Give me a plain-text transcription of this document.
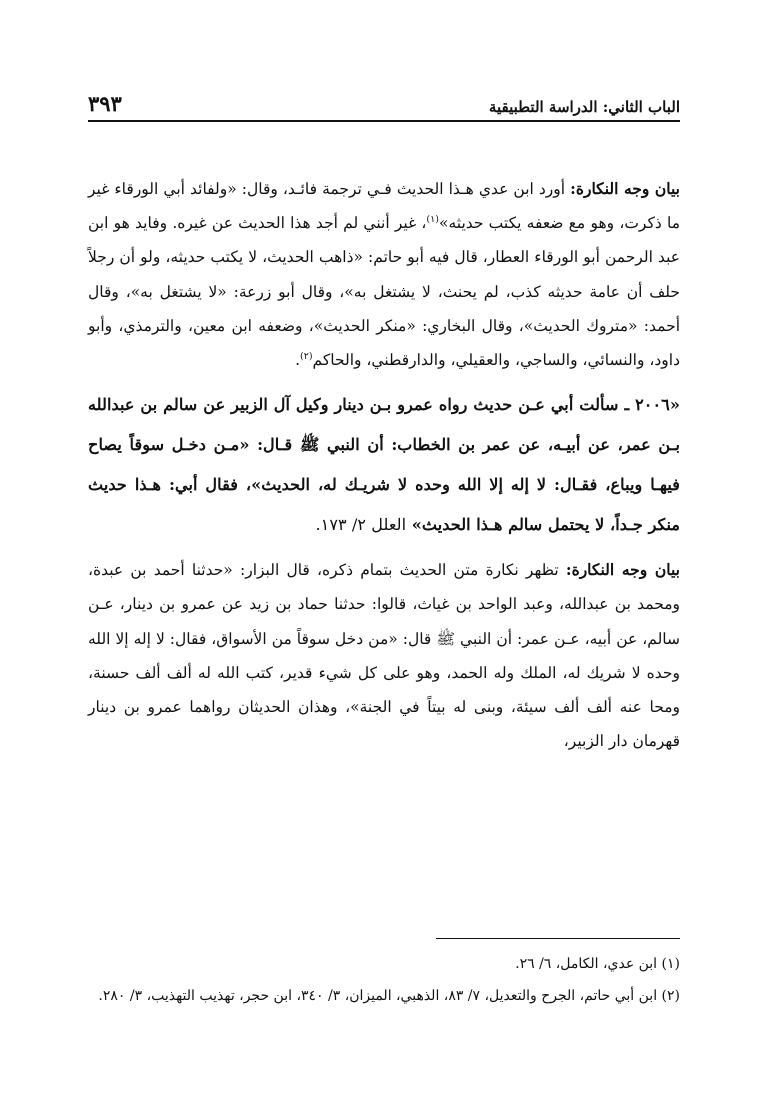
الباب الثاني: الدراسة التطبيقية
٣٩٣

بيان وجه النكارة: أورد ابن عدي هـذا الحديث فـي ترجمة فائـد، وقال: «ولفائد أبي الورقاء غير ما ذكرت، وهو مع ضعفه يكتب حديثه»$^{(١)}$، غير أنني لم أجد هذا الحديث عن غيره. وفايد هو ابن عبد الرحمن أبو الورقاء العطار، قال فيه أبو حاتم: «ذاهب الحديث، لا يكتب حديثه، ولو أن رجلاً حلف أن عامة حديثه كذب، لم يحنث، لا يشتغل به»، وقال أبو زرعة: «لا يشتغل به»، وقال أحمد: «متروك الحديث»، وقال البخاري: «منكر الحديث»، وضعفه ابن معين، والترمذي، وأبو داود، والنسائي، والساجي، والعقيلي، والدارقطني، والحاكم$^{(٢)}$.

«٢٠٠٦ ـ سألت أبي عـن حديث رواه عمرو بـن دينار وكيل آل الزبير عن سالم بن عبدالله بـن عمر، عن أبيـه، عن عمر بن الخطاب: أن النبي ﷺ قـال: «مـن دخـل سوقاً يصاح فيهـا ويباع، فقـال: لا إله إلا الله وحده لا شريـك له، الحديث»، فقال أبي: هـذا حديث منكر جـداً، لا يحتمل سالم هـذا الحديث» العلل ٢/ ١٧٣.

بيان وجه النكارة: تظهر نكارة متن الحديث بتمام ذكره، قال البزار: «حدثنا أحمد بن عبدة، ومحمد بن عبدالله، وعبد الواحد بن غياث، قالوا: حدثنا حماد بن زيد عن عمرو بن دينار، عـن سالم، عن أبيه، عـن عمر: أن النبي ﷺ قال: «من دخل سوقاً من الأسواق، فقال: لا إله إلا الله وحده لا شريك له، الملك وله الحمد، وهو على كل شيء قدير، كتب الله له ألف ألف حسنة، ومحا عنه ألف ألف سيئة، وبنى له بيتاً في الجنة»، وهذان الحديثان رواهما عمرو بن دينار قهرمان دار الزبير،

(١) ابن عدي، الكامل، ٦/ ٢٦.

(٢) ابن أبي حاتم، الجرح والتعديل، ٧/ ٨٣، الذهبي، الميزان، ٣/ ٣٤٠، ابن حجر، تهذيب التهذيب، ٣/ ٢٨٠.
